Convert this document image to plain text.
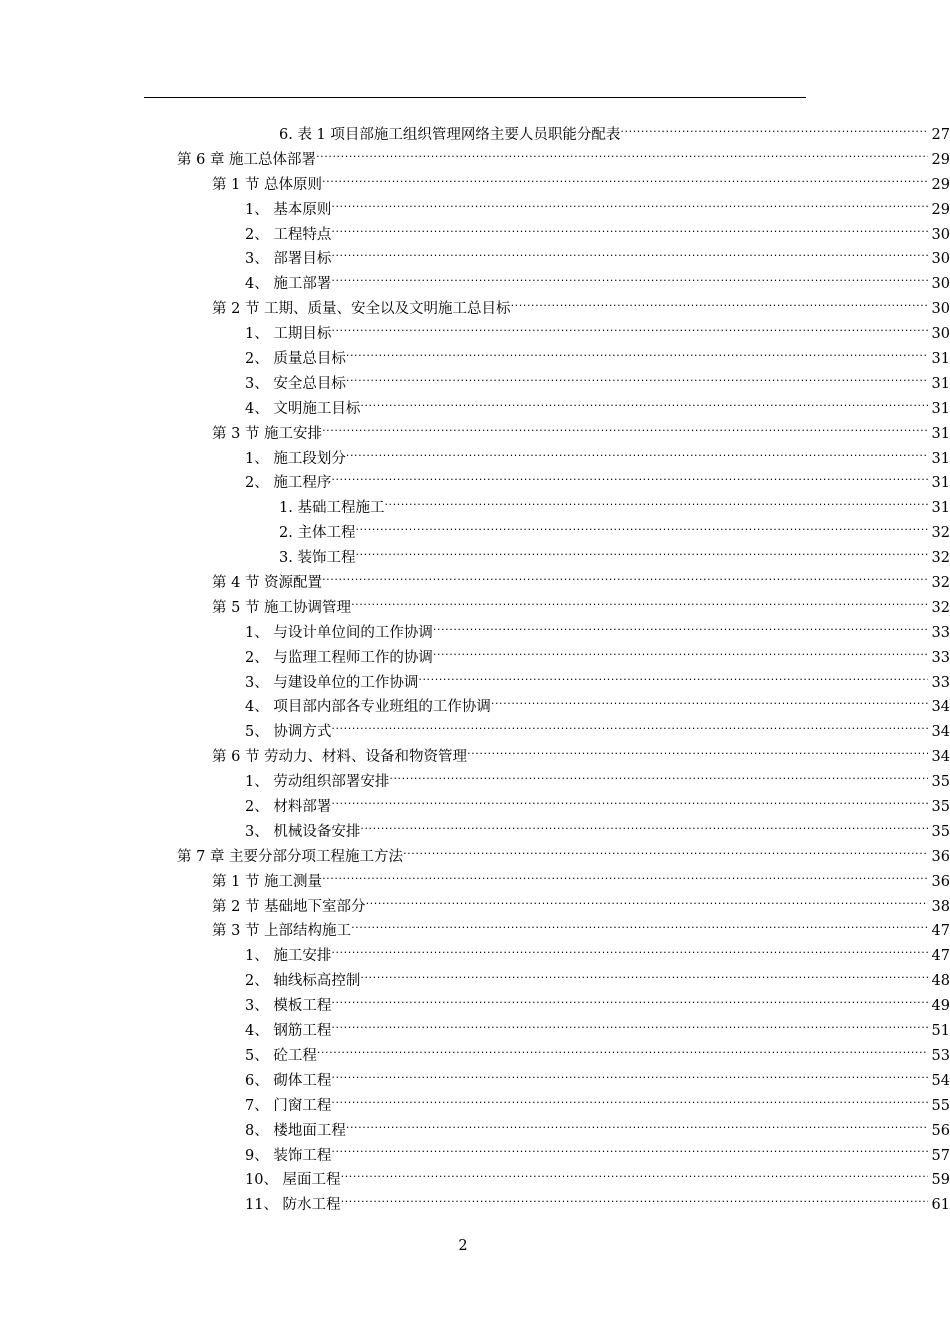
6. 表 1 项目部施工组织管理网络主要人员职能分配表 .....	27
第 6 章 施工总体部署 .....	29
第 1 节 总体原则 .....	29
1、 基本原则 .....	29
2、 工程特点 .....	30
3、 部署目标 .....	30
4、 施工部署 .....	30
第 2 节 工期、质量、安全以及文明施工总目标 .....	30
1、 工期目标 .....	30
2、 质量总目标 .....	31
3、 安全总目标 .....	31
4、 文明施工目标 .....	31
第 3 节 施工安排 .....	31
1、 施工段划分 .....	31
2、 施工程序 .....	31
1. 基础工程施工 .....	31
2. 主体工程 .....	32
3. 装饰工程 .....	32
第 4 节 资源配置 .....	32
第 5 节 施工协调管理 .....	32
1、 与设计单位间的工作协调 .....	33
2、 与监理工程师工作的协调 .....	33
3、 与建设单位的工作协调 .....	33
4、 项目部内部各专业班组的工作协调 .....	34
5、 协调方式 .....	34
第 6 节 劳动力、材料、设备和物资管理 .....	34
1、 劳动组织部署安排 .....	35
2、 材料部署 .....	35
3、 机械设备安排 .....	35
第 7 章 主要分部分项工程施工方法 .....	36
第 1 节 施工测量 .....	36
第 2 节 基础地下室部分 .....	38
第 3 节 上部结构施工 .....	47
1、 施工安排 .....	47
2、 轴线标高控制 .....	48
3、 模板工程 .....	49
4、 钢筋工程 .....	51
5、 砼工程 .....	53
6、 砌体工程 .....	54
7、 门窗工程 .....	55
8、 楼地面工程 .....	56
9、 装饰工程 .....	57
10、 屋面工程 .....	59
11、 防水工程 .....	61
2
